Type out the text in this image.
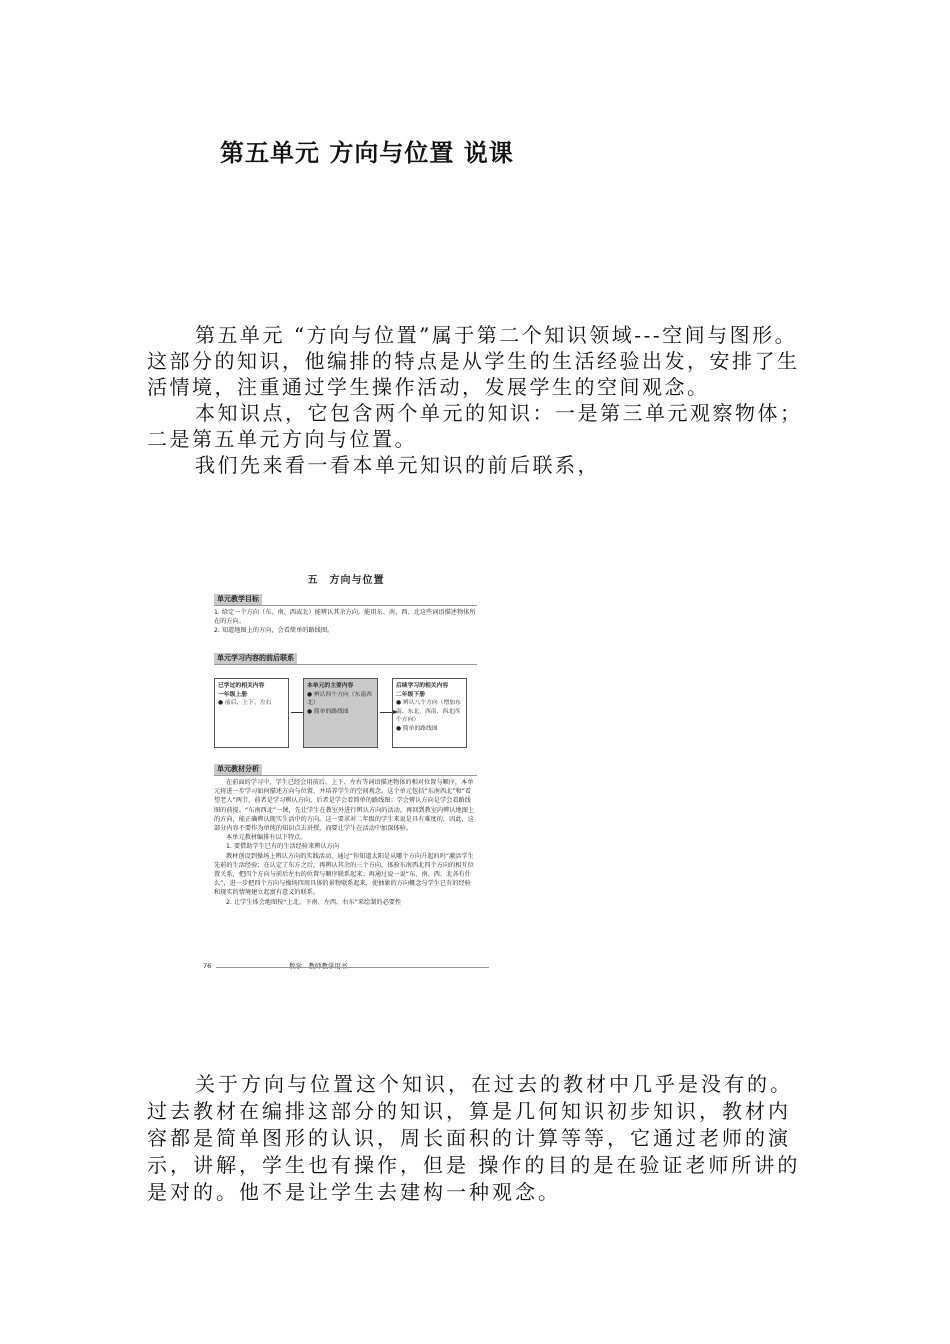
第五单元 方向与位置 说课

第五单元 “方向与位置”属于第二个知识领域---空间与图形。这部分的知识，他编排的特点是从学生的生活经验出发，安排了生活情境，注重通过学生操作活动，发展学生的空间观念。

本知识点，它包含两个单元的知识：一是第三单元观察物体；二是第五单元方向与位置。

我们先来看一看本单元知识的前后联系，

五　方向与位置
单元教学目标

1. 给定一个方向（东、南、西或北）能辨认其余方向，能用东、南、西、北这些词语描述物体所在的方向。

2. 知道地图上的方向，会看简单的路线图。

单元学习内容的前后联系
已学过的相关内容
一年级上册
● 前后、上下、左右
本单元的主要内容
● 辨认四个方向（东南西北）
● 简单的路线图
后续学习的相关内容
二年级下册
● 辨认八个方向（增加东南、东北、西南、西北四个方向）
● 简单的路线图
单元教材分析

在前面的学习中，学生已经会用前后、上下、左右等词语描述物体的相对位置与顺序，本单元将进一步学习如何描述方向与位置，并培养学生的空间观念。这个单元包括“东南西北”和“看望老人”两节，前者是学习辨认方向，后者是学会看简单的路线图；学会辨认方向是学会看路线图的前提。“东南西北”一课，先让学生在教室外进行辨认方向的活动，再回到教室内辨认地图上的方向，能正确辨认现实生活中的方向。这一要求对二年级的学生来说是具有难度的，因此，这部分内容不要作为单纯的知识点去讲授，而要让学生在活动中加深体验。

本单元教材编排有以下特点。

1. 要借助学生已有的生活经验来辨认方向

教材创设到操场上辨认方向的实践活动，通过“你知道太阳是从哪个方向升起的吗”激活学生先前的生活经验；在认定了东方之后，再辨认其余的三个方向，体验东南西北四个方向的相互位置关系，把四个方向与前后左右的位置与顺序联系起来；再通过说一说“东、南、西、北各有什么”，进一步把四个方向与操场四周具体的景物联系起来，使抽象的方向概念与学生已有的经验和现实的情境建立起富有意义的联系。

2. 让学生体会地图按“上北、下南、左西、右东”来绘制的必要性

76	数学　教师教学用书

关于方向与位置这个知识，在过去的教材中几乎是没有的。过去教材在编排这部分的知识，算是几何知识初步知识，教材内容都是简单图形的认识，周长面积的计算等等，它通过老师的演示，讲解，学生也有操作，但是 操作的目的是在验证老师所讲的是对的。他不是让学生去建构一种观念。
